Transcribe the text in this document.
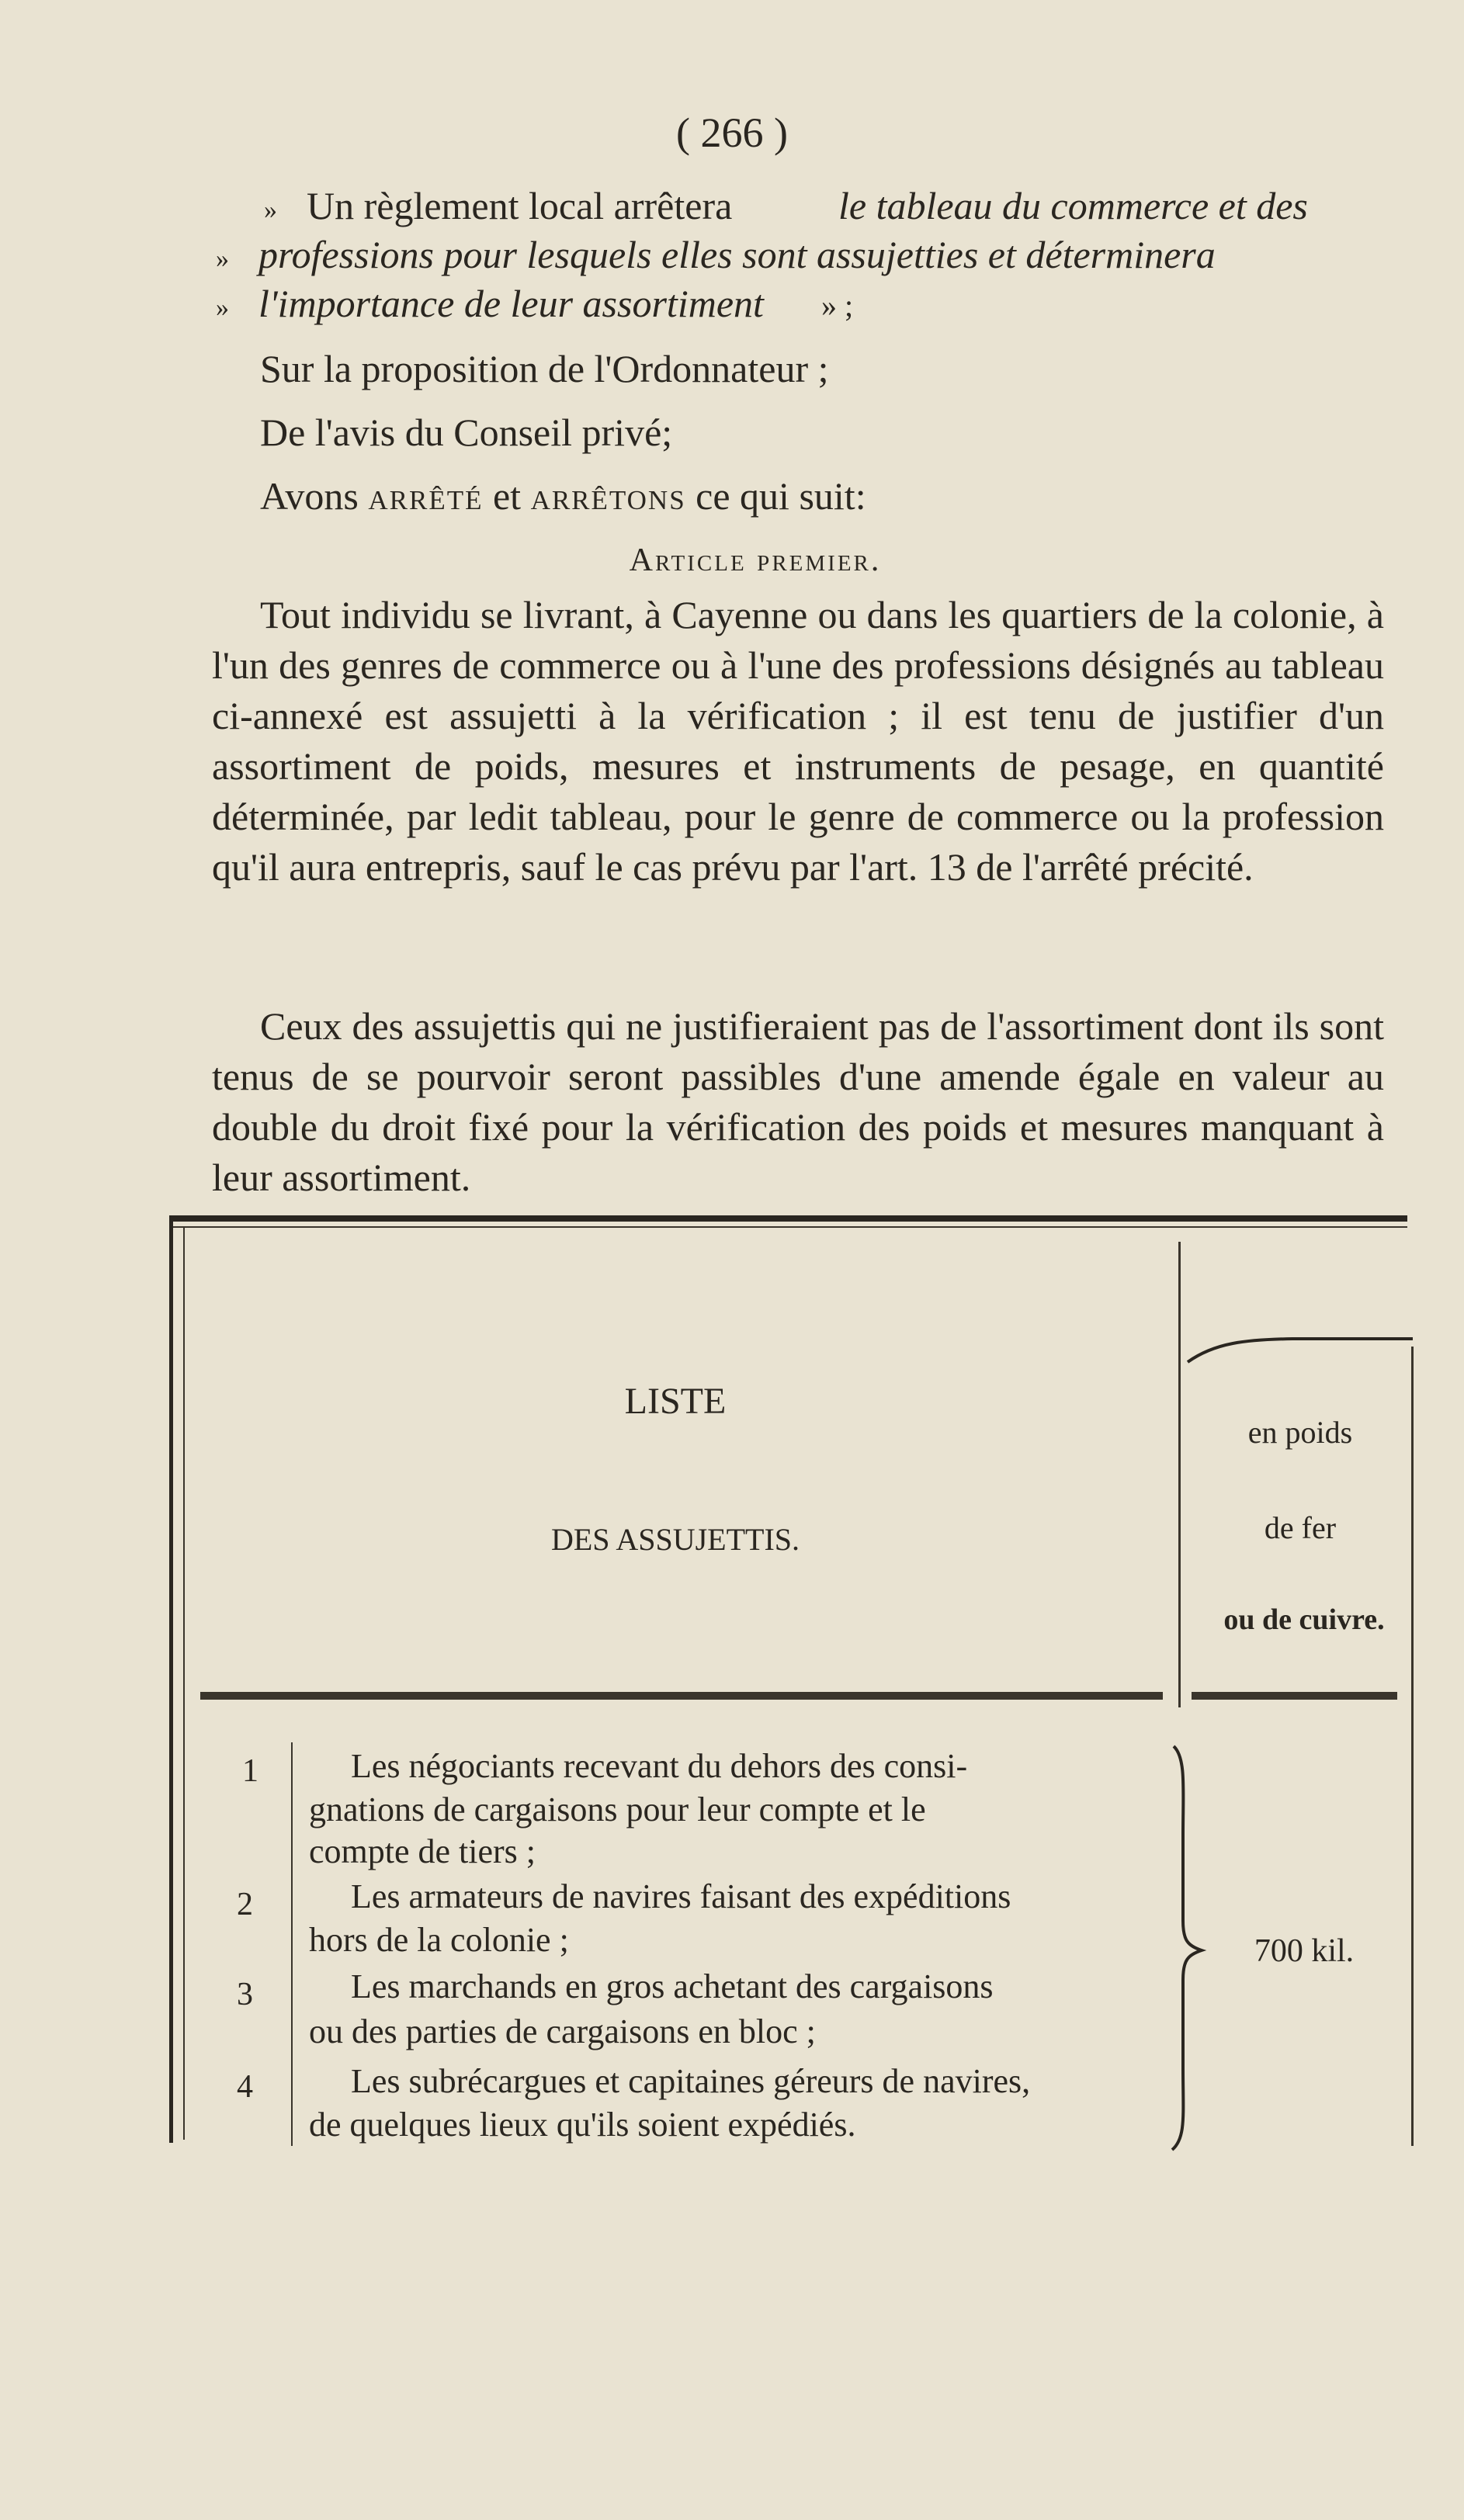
( 266 )
» Un règlement local arrêtera	le tableau du commerce et des
» professions pour lesquels elles sont assujetties et déterminera
» l'importance de leur assortiment » ;
Sur la proposition de l'Ordonnateur ;
De l'avis du Conseil privé;
Avons arrêté et arrêtons ce qui suit:
Article premier.
Tout individu se livrant, à Cayenne ou dans les quartiers de la colonie, à l'un des genres de commerce ou à l'une des professions désignés au tableau ci-annexé est assujetti à la vérification ; il est tenu de justifier d'un assortiment de poids, mesures et instruments de pesage, en quantité déterminée, par ledit tableau, pour le genre de commerce ou la profession qu'il aura entrepris, sauf le cas prévu par l'art. 13 de l'arrêté précité.
Ceux des assujettis qui ne justifieraient pas de l'assortiment dont ils sont tenus de se pourvoir seront passibles d'une amende égale en valeur au double du droit fixé pour la vérification des poids et mesures manquant à leur assortiment.
LISTE
DES ASSUJETTIS.
en poids
de fer
ou de cuivre.
1	Les négociants recevant du dehors des consi-
gnations de cargaisons pour leur compte et le
compte de tiers ;
2	Les armateurs de navires faisant des expéditions
hors de la colonie ;
3	Les marchands en gros achetant des cargaisons
ou des parties de cargaisons en bloc ;
4	Les subrécargues et capitaines géreurs de navires,
de quelques lieux qu'ils soient expédiés.
700 kil.
